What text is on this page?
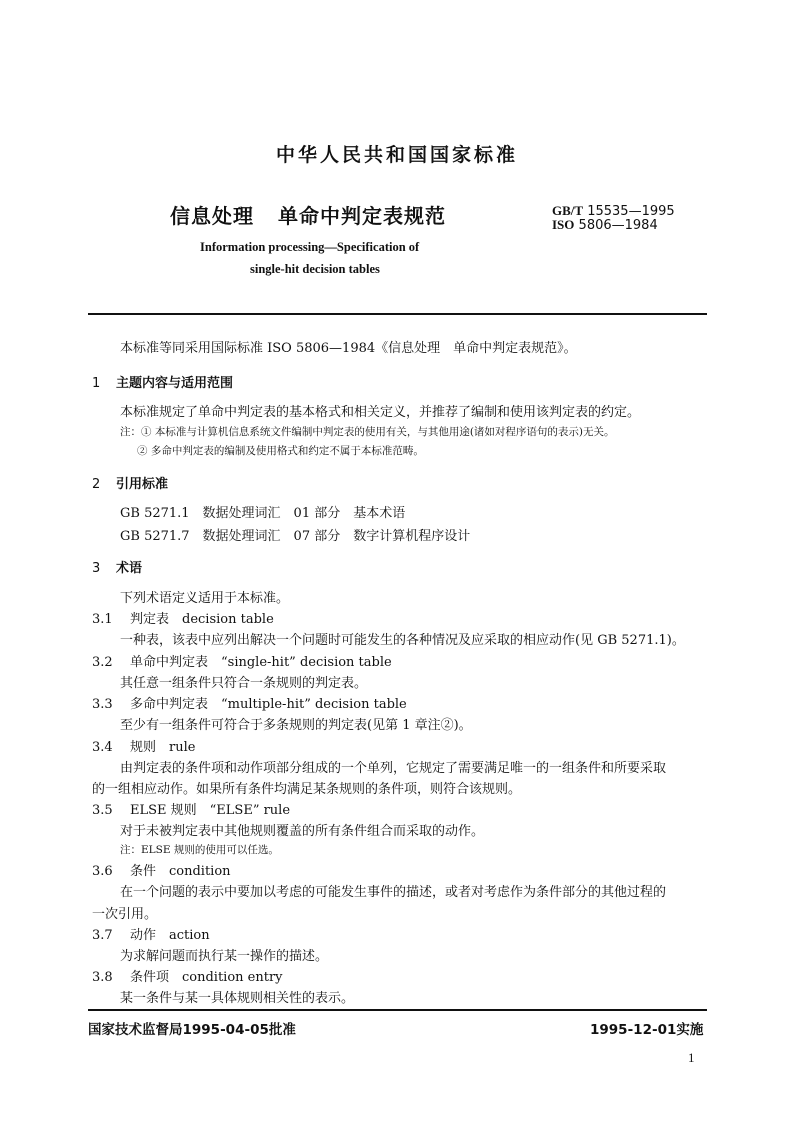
中华人民共和国国家标准
信息处理 单命中判定表规范	GB/T 15535—1995
ISO 5806—1984
Information processing—Specification of
single-hit decision tables
本标准等同采用国际标准 ISO 5806—1984《信息处理　单命中判定表规范》。
1 主题内容与适用范围
本标准规定了单命中判定表的基本格式和相关定义，并推荐了编制和使用该判定表的约定。
注：① 本标准与计算机信息系统文件编制中判定表的使用有关，与其他用途(诸如对程序语句的表示)无关。
② 多命中判定表的编制及使用格式和约定不属于本标准范畴。
2 引用标准
GB 5271.1　数据处理词汇　01 部分　基本术语
GB 5271.7　数据处理词汇　07 部分　数字计算机程序设计
3 术语
下列术语定义适用于本标准。
3.1 判定表　decision table
一种表，该表中应列出解决一个问题时可能发生的各种情况及应采取的相应动作(见 GB 5271.1)。
3.2 单命中判定表　“single-hit” decision table
其任意一组条件只符合一条规则的判定表。
3.3 多命中判定表　“multiple-hit” decision table
至少有一组条件可符合于多条规则的判定表(见第 1 章注②)。
3.4 规则　rule
由判定表的条件项和动作项部分组成的一个单列，它规定了需要满足唯一的一组条件和所要采取
的一组相应动作。如果所有条件均满足某条规则的条件项，则符合该规则。
3.5 ELSE 规则　“ELSE” rule
对于未被判定表中其他规则覆盖的所有条件组合而采取的动作。
注：ELSE 规则的使用可以任选。
3.6 条件　condition
在一个问题的表示中要加以考虑的可能发生事件的描述，或者对考虑作为条件部分的其他过程的
一次引用。
3.7 动作　action
为求解问题而执行某一操作的描述。
3.8 条件项　condition entry
某一条件与某一具体规则相关性的表示。
国家技术监督局1995-04-05批准	1995-12-01实施
1
